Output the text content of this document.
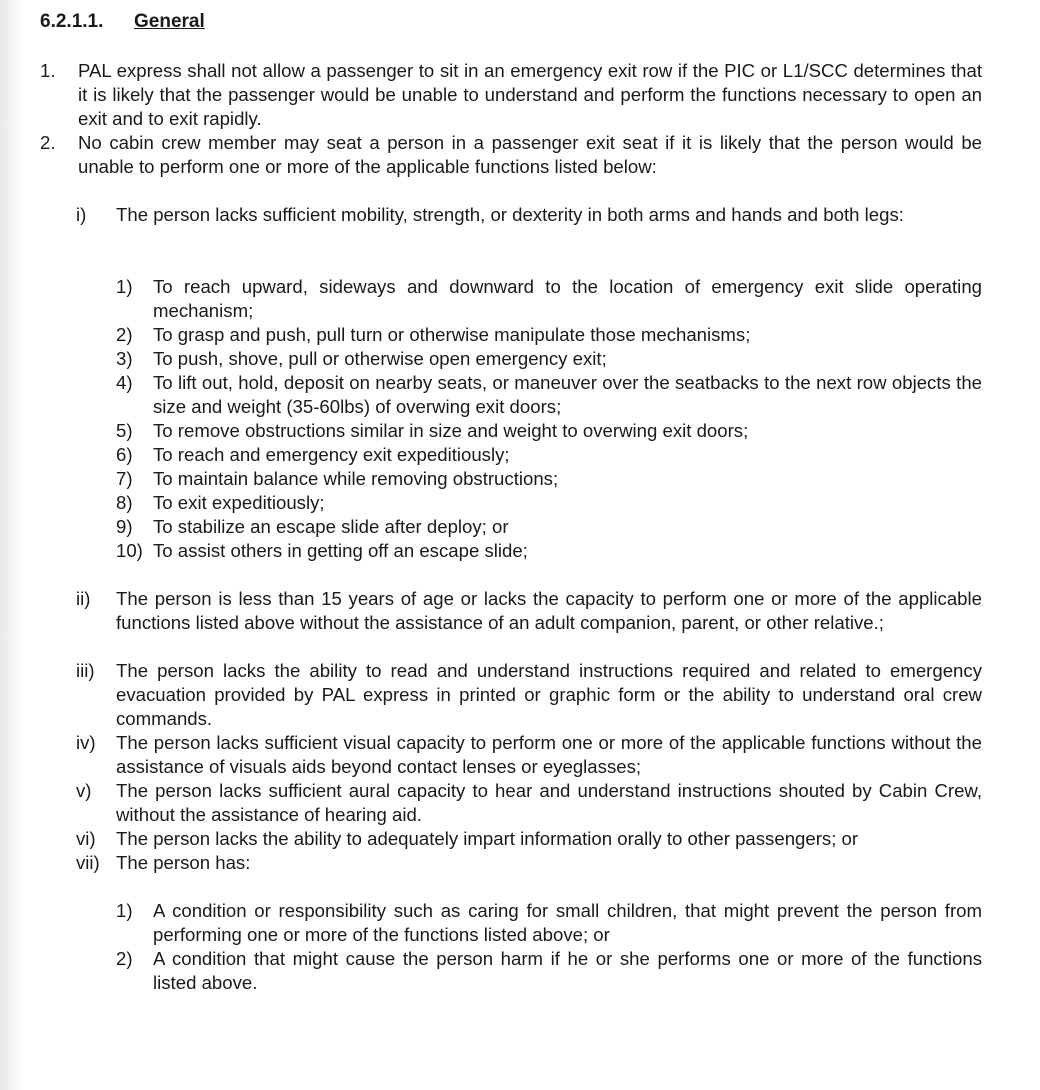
6.2.1.1. General
1.	PAL express shall not allow a passenger to sit in an emergency exit row if the PIC or L1/SCC determines that it is likely that the passenger would be unable to understand and perform the functions necessary to open an exit and to exit rapidly.
2.	No cabin crew member may seat a person in a passenger exit seat if it is likely that the person would be unable to perform one or more of the applicable functions listed below:
i)	The person lacks sufficient mobility, strength, or dexterity in both arms and hands and both legs:
1)	To reach upward, sideways and downward to the location of emergency exit slide operating mechanism;
2)	To grasp and push, pull turn or otherwise manipulate those mechanisms;
3)	To push, shove, pull or otherwise open emergency exit;
4)	To lift out, hold, deposit on nearby seats, or maneuver over the seatbacks to the next row objects the size and weight (35-60lbs) of overwing exit doors;
5)	To remove obstructions similar in size and weight to overwing exit doors;
6)	To reach and emergency exit expeditiously;
7)	To maintain balance while removing obstructions;
8)	To exit expeditiously;
9)	To stabilize an escape slide after deploy; or
10) To assist others in getting off an escape slide;
ii)	The person is less than 15 years of age or lacks the capacity to perform one or more of the applicable functions listed above without the assistance of an adult companion, parent, or other relative.;
iii)	The person lacks the ability to read and understand instructions required and related to emergency evacuation provided by PAL express in printed or graphic form or the ability to understand oral crew commands.
iv)	The person lacks sufficient visual capacity to perform one or more of the applicable functions without the assistance of visuals aids beyond contact lenses or eyeglasses;
v)	The person lacks sufficient aural capacity to hear and understand instructions shouted by Cabin Crew, without the assistance of hearing aid.
vi)	The person lacks the ability to adequately impart information orally to other passengers; or
vii) The person has:
1)	A condition or responsibility such as caring for small children, that might prevent the person from performing one or more of the functions listed above; or
2)	A condition that might cause the person harm if he or she performs one or more of the functions listed above.
